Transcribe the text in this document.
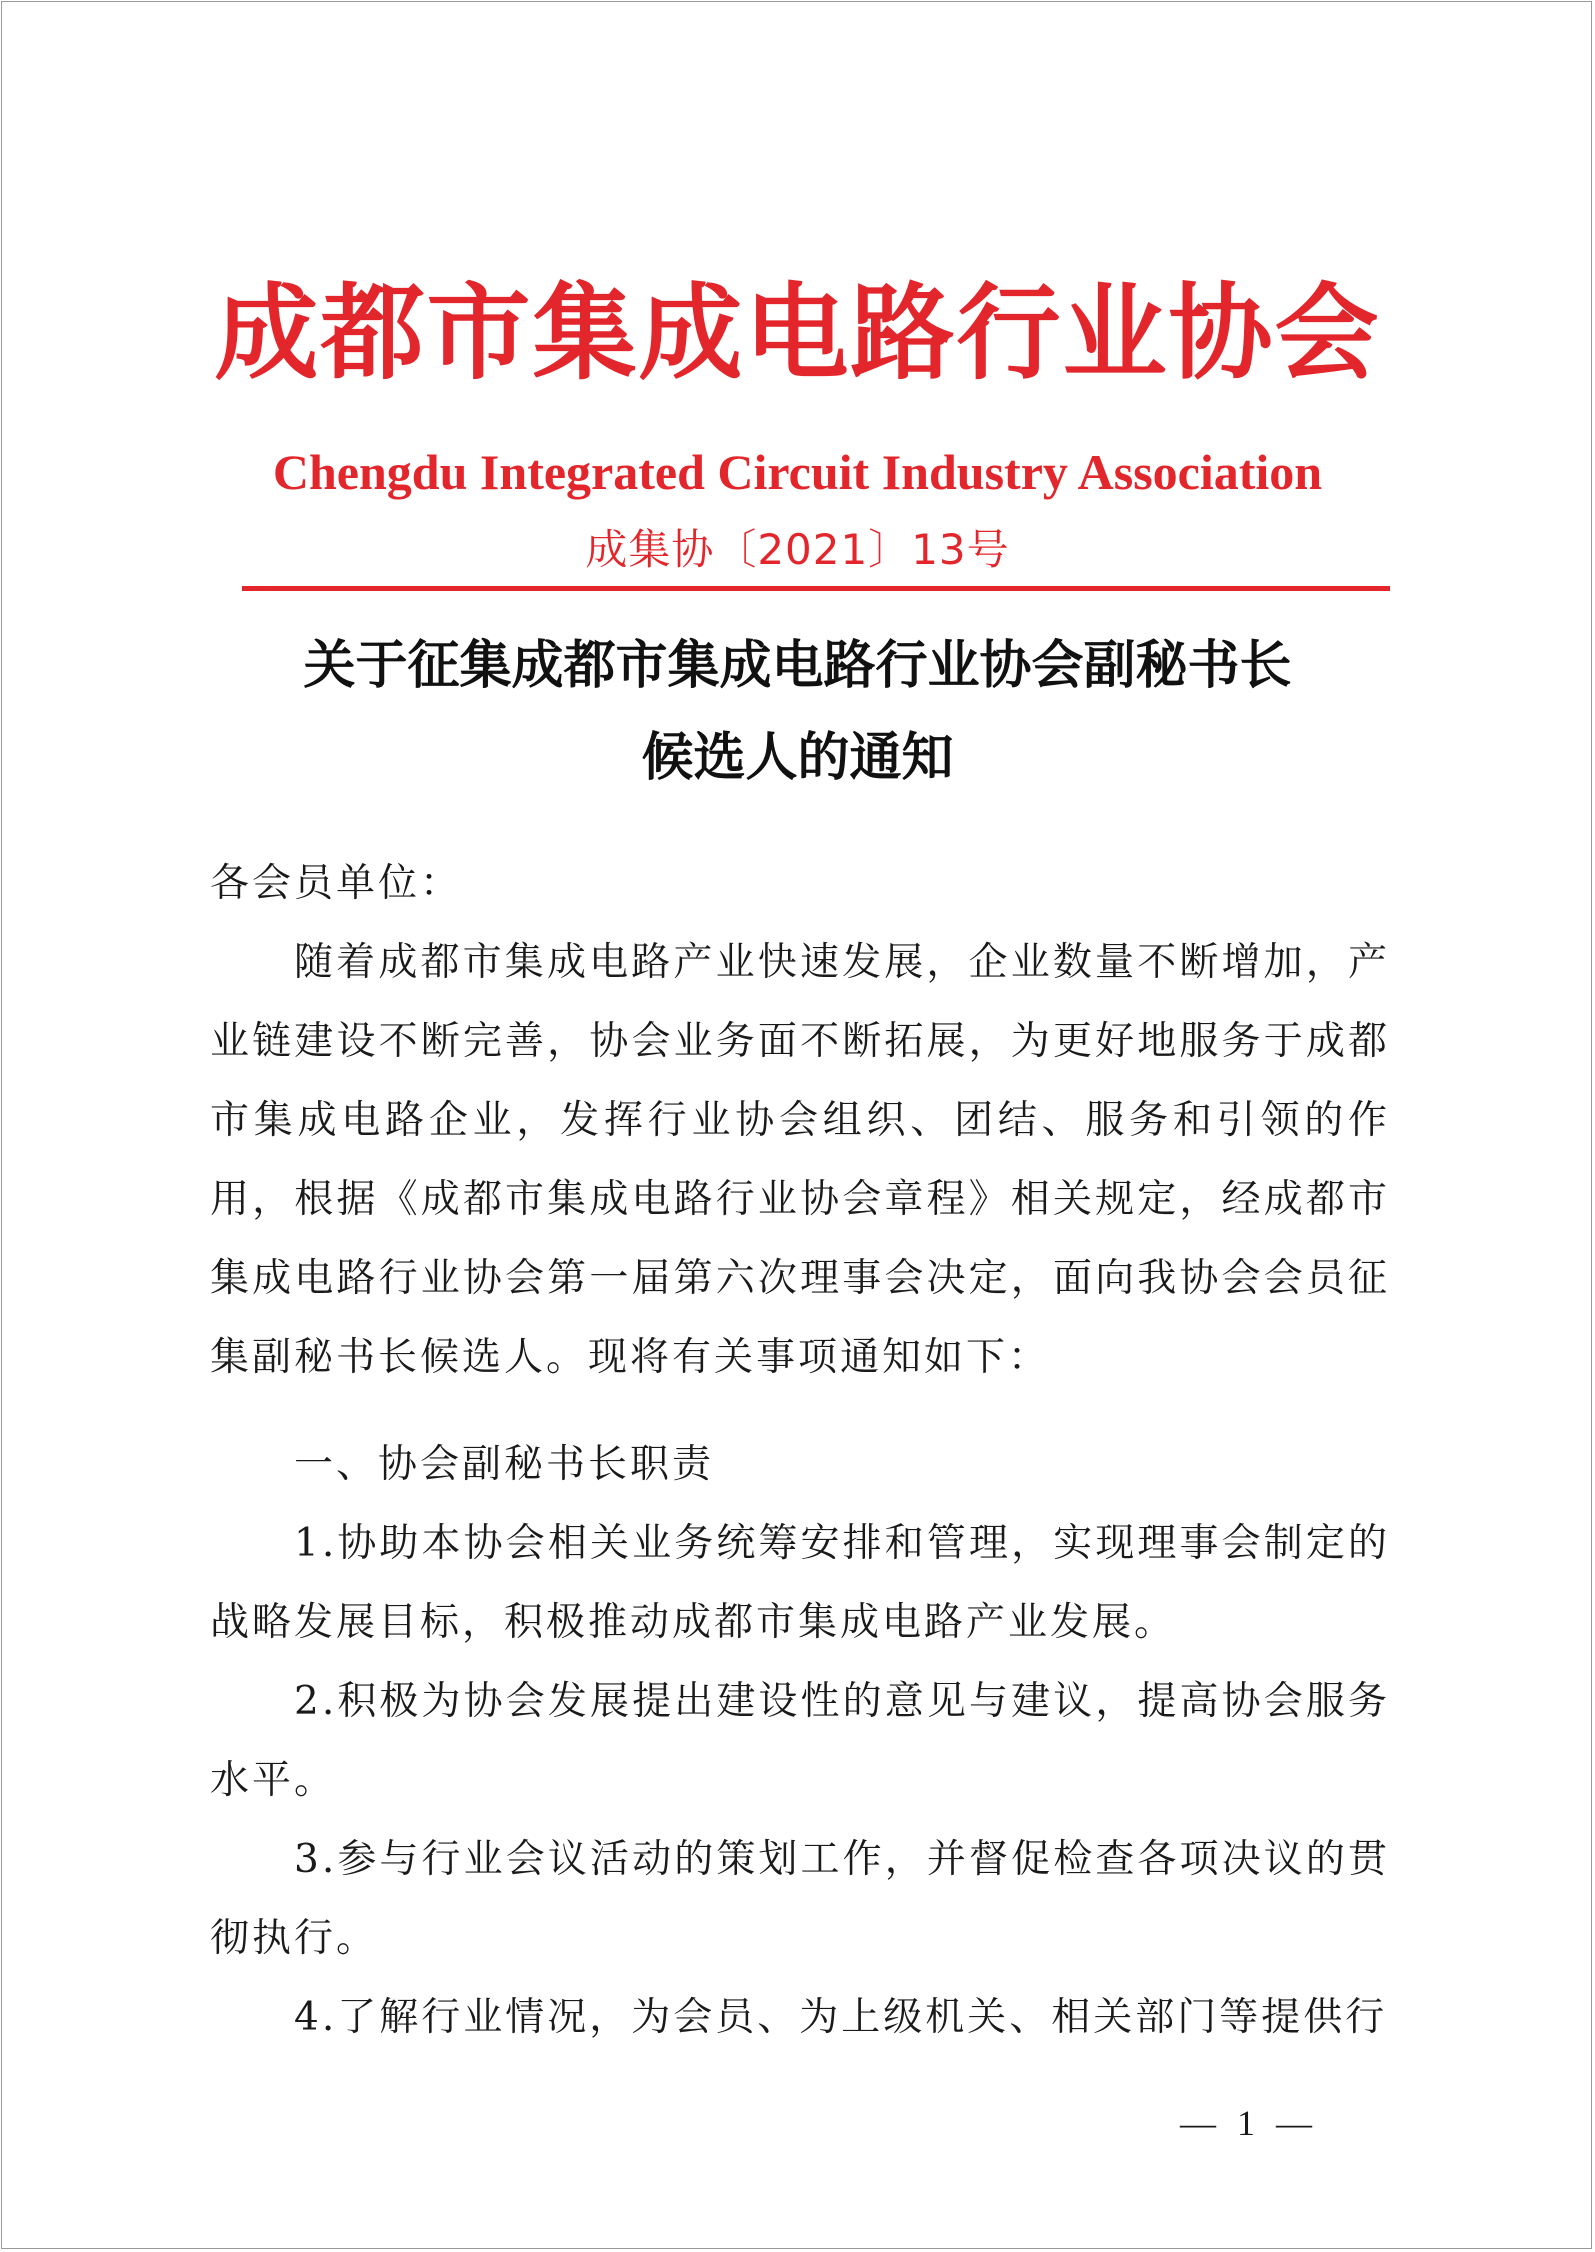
成都市集成电路行业协会
Chengdu Integrated Circuit Industry Association
成集协〔2021〕13号
关于征集成都市集成电路行业协会副秘书长
候选人的通知

各会员单位：

随着成都市集成电路产业快速发展，企业数量不断增加，产业链建设不断完善，协会业务面不断拓展，为更好地服务于成都市集成电路企业，发挥行业协会组织、团结、服务和引领的作用，根据《成都市集成电路行业协会章程》相关规定，经成都市集成电路行业协会第一届第六次理事会决定，面向我协会会员征集副秘书长候选人。现将有关事项通知如下：

一、协会副秘书长职责

1.协助本协会相关业务统筹安排和管理，实现理事会制定的战略发展目标，积极推动成都市集成电路产业发展。

2.积极为协会发展提出建设性的意见与建议，提高协会服务水平。

3.参与行业会议活动的策划工作，并督促检查各项决议的贯彻执行。

4.了解行业情况，为会员、为上级机关、相关部门等提供行

— 1 —
